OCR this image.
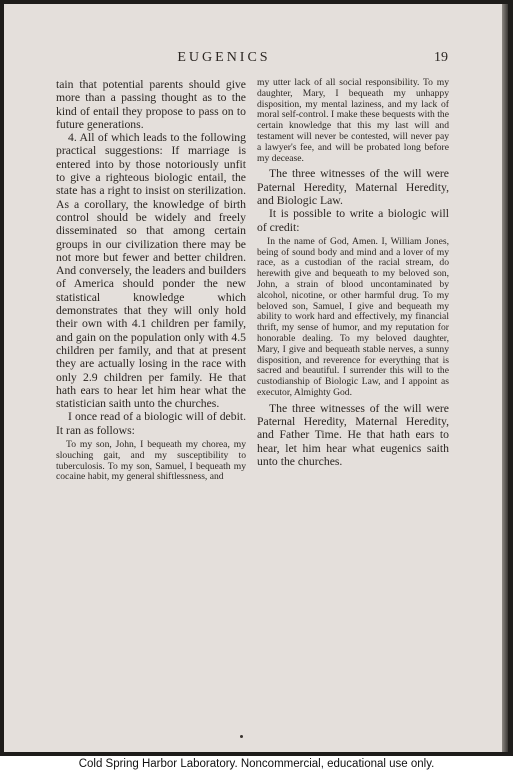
EUGENICS	19

tain that potential parents should give more than a passing thought as to the kind of entail they propose to pass on to future generations.

4. All of which leads to the following practical suggestions: If marriage is entered into by those notoriously unfit to give a righteous biologic entail, the state has a right to insist on sterilization. As a corollary, the knowledge of birth control should be widely and freely disseminated so that among certain groups in our civilization there may be not more but fewer and better children. And conversely, the leaders and builders of America should ponder the new statistical knowledge which demonstrates that they will only hold their own with 4.1 children per family, and gain on the population only with 4.5 children per family, and that at present they are actually losing in the race with only 2.9 children per family. He that hath ears to hear let him hear what the statistician saith unto the churches.

I once read of a biologic will of debit. It ran as follows:

To my son, John, I bequeath my chorea, my slouching gait, and my susceptibility to tuberculosis. To my son, Samuel, I bequeath my cocaine habit, my general shiftlessness, and

my utter lack of all social responsibility. To my daughter, Mary, I bequeath my unhappy disposition, my mental laziness, and my lack of moral self-control. I make these bequests with the certain knowledge that this my last will and testament will never be contested, will never pay a lawyer's fee, and will be probated long before my decease.

The three witnesses of the will were Paternal Heredity, Maternal Heredity, and Biologic Law.

It is possible to write a biologic will of credit:

In the name of God, Amen. I, William Jones, being of sound body and mind and a lover of my race, as a custodian of the racial stream, do herewith give and bequeath to my beloved son, John, a strain of blood uncontaminated by alcohol, nicotine, or other harmful drug. To my beloved son, Samuel, I give and bequeath my ability to work hard and effectively, my financial thrift, my sense of humor, and my reputation for honorable dealing. To my beloved daughter, Mary, I give and bequeath stable nerves, a sunny disposition, and reverence for everything that is sacred and beautiful. I surrender this will to the custodianship of Biologic Law, and I appoint as executor, Almighty God.

The three witnesses of the will were Paternal Heredity, Maternal Heredity, and Father Time. He that hath ears to hear, let him hear what eugenics saith unto the churches.

Cold Spring Harbor Laboratory. Noncommercial, educational use only.
